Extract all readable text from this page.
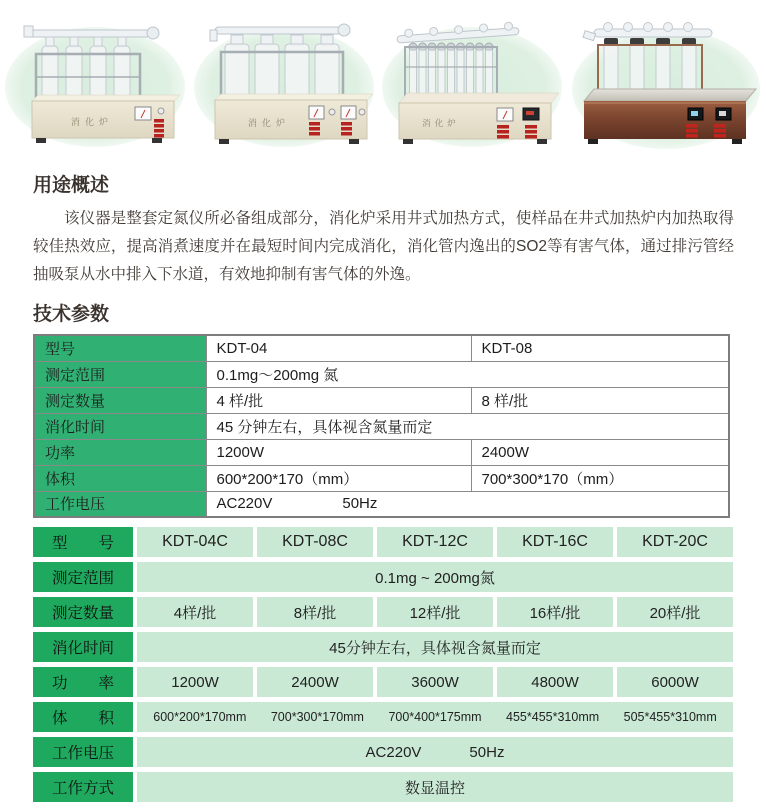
消化炉	消化炉	消化炉
用途概述

该仪器是整套定氮仪所必备组成部分，消化炉采用井式加热方式，使样品在井式加热炉内加热取得较佳热效应，提高消煮速度并在最短时间内完成消化，消化管内逸出的SO2等有害气体，通过排污管经抽吸泵从水中排入下水道，有效地抑制有害气体的外逸。

技术参数
型号	KDT-04	KDT-08
测定范围	0.1mg～200mg 氮	
测定数量	4 样/批	8 样/批
消化时间	45 分钟左右，具体视含氮量而定	
功率	1200W	2400W
体积	600*200*170（mm）	700*300*170（mm）
工作电压	AC220V 50Hz	
型　　号	KDT-04C	KDT-08C	KDT-12C	KDT-16C	KDT-20C
测定范围	0.1mg ~ 200mg氮
测定数量	4样/批	8样/批	12样/批	16样/批	20样/批
消化时间	45分钟左右，具体视含氮量而定
功　　率	1200W	2400W	3600W	4800W	6000W
体　　积	600*200*170mm	700*300*170mm	700*400*175mm	455*455*310mm	505*455*310mm
工作电压	AC220V	50Hz
工作方式	数显温控
